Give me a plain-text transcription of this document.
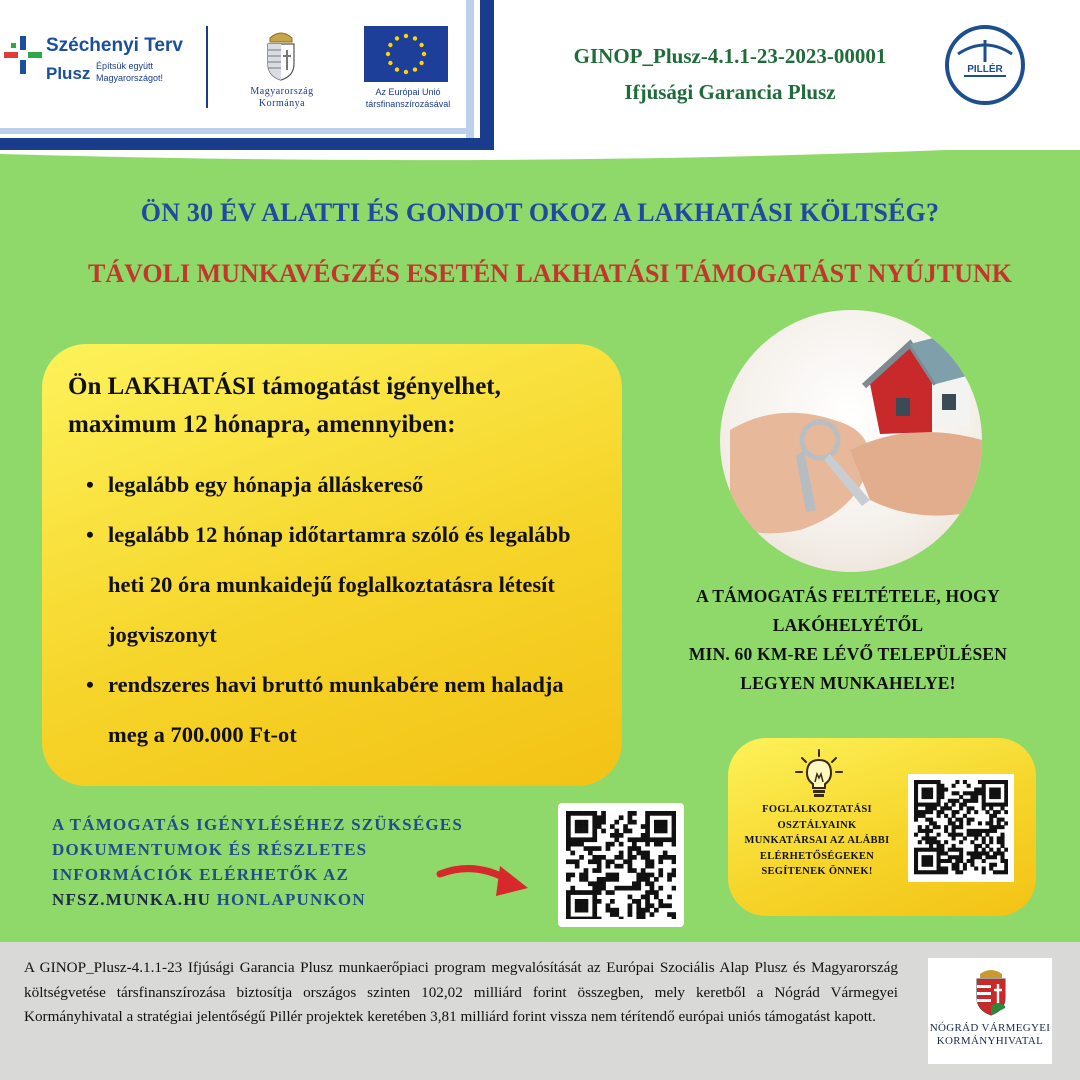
Széchenyi Terv
Plusz Építsük együtt
Magyarországot!
Magyarország
Kormánya
Az Európai Unió
társfinanszírozásával
GINOP_Plusz-4.1.1-23-2023-00001
Ifjúsági Garancia Plusz
PILLÉR
ÖN 30 ÉV ALATTI ÉS GONDOT OKOZ A LAKHATÁSI KÖLTSÉG?
TÁVOLI MUNKAVÉGZÉS ESETÉN LAKHATÁSI TÁMOGATÁST NYÚJTUNK
Ön LAKHATÁSI támogatást igényelhet, maximum 12 hónapra, amennyiben:
• legalább egy hónapja álláskereső
• legalább 12 hónap időtartamra szóló és legalább heti 20 óra munkaidejű foglalkoztatásra létesít jogviszonyt
• rendszeres havi bruttó munkabére nem haladja meg a 700.000 Ft-ot
A TÁMOGATÁS FELTÉTELE, HOGY
LAKÓHELYÉTŐL
MIN. 60 KM-RE LÉVŐ TELEPÜLÉSEN
LEGYEN MUNKAHELYE!
A TÁMOGATÁS IGÉNYLÉSÉHEZ SZÜKSÉGES
DOKUMENTUMOK ÉS RÉSZLETES
INFORMÁCIÓK ELÉRHETŐK AZ
NFSZ.MUNKA.HU HONLAPUNKON
FOGLALKOZTATÁSI OSZTÁLYAINK MUNKATÁRSAI AZ ALÁBBI ELÉRHETŐSÉGEKEN SEGÍTENEK ÖNNEK!
A GINOP_Plusz-4.1.1-23 Ifjúsági Garancia Plusz munkaerőpiaci program megvalósítását az Európai Szociális Alap Plusz és Magyarország költségvetése társfinanszírozása biztosítja országos szinten 102,02 milliárd forint összegben, mely keretből a Nógrád Vármegyei Kormányhivatal a stratégiai jelentőségű Pillér projektek keretében 3,81 milliárd forint vissza nem térítendő európai uniós támogatást kapott.
NÓGRÁD VÁRMEGYEI
KORMÁNYHIVATAL
